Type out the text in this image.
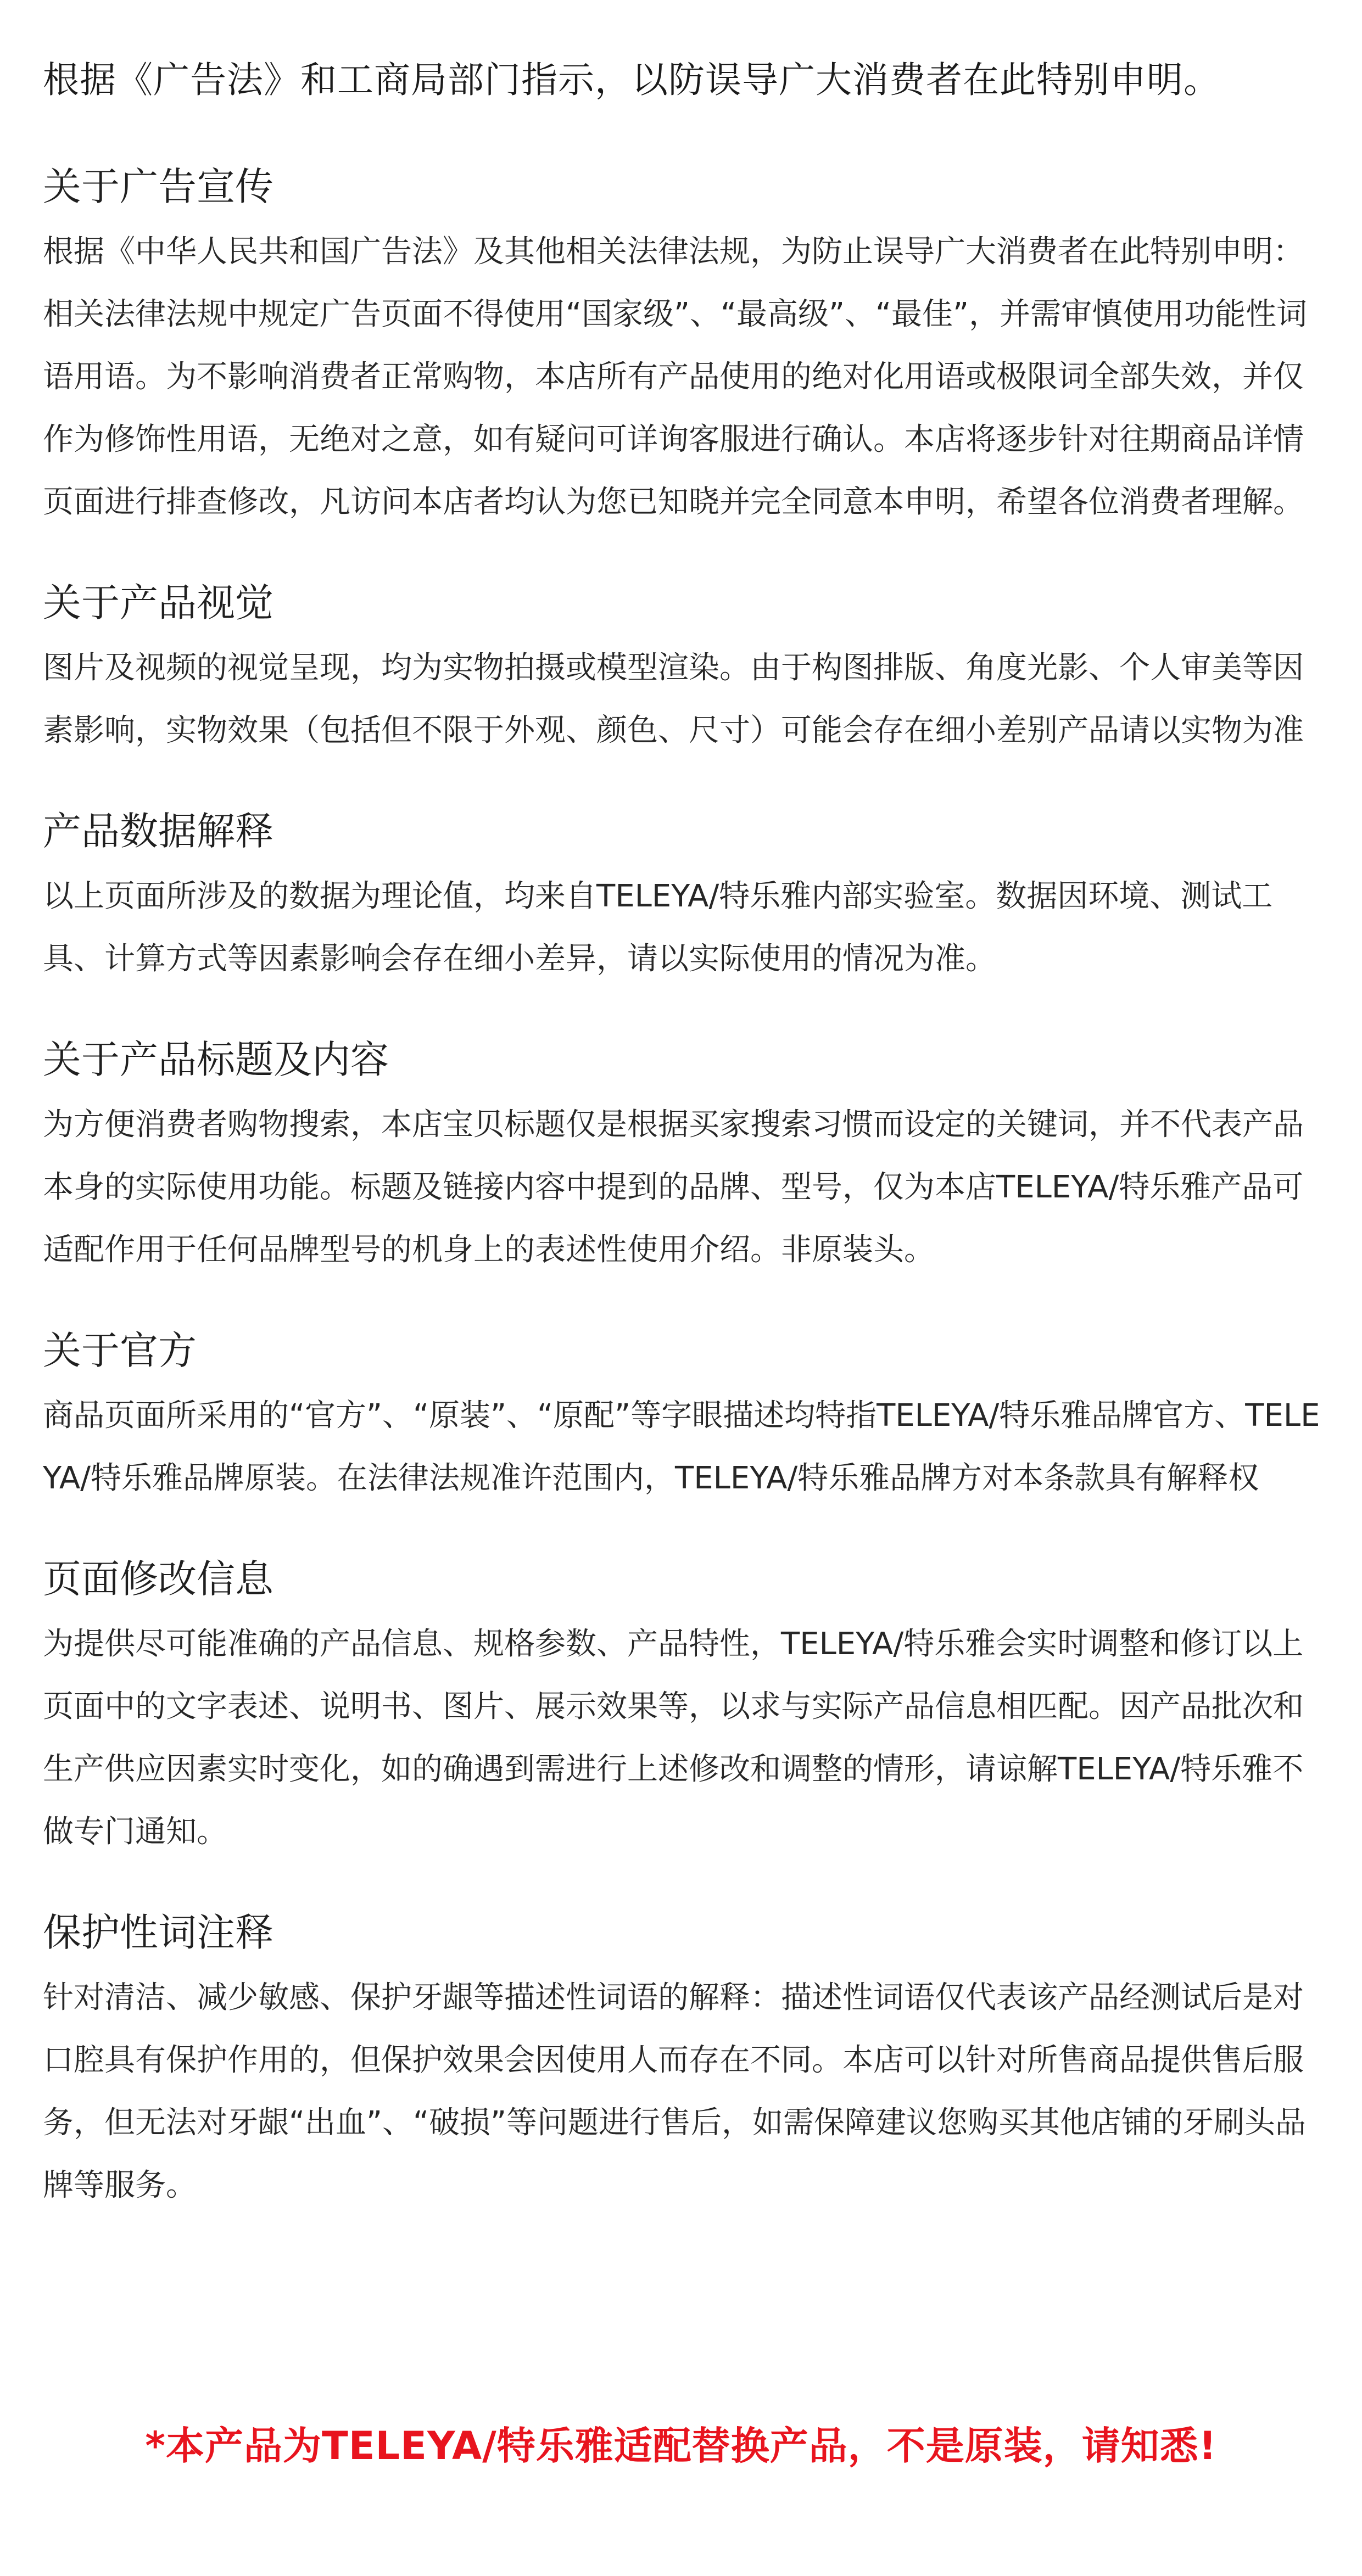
根据《广告法》和工商局部门指示，以防误导广大消费者在此特别申明。
关于广告宣传

根据《中华人民共和国广告法》及其他相关法律法规，为防止误导广大消费者在此特别申明：相关法律法规中规定广告页面不得使用“国家级”、“最高级”、“最佳”，并需审慎使用功能性词语用语。为不影响消费者正常购物，本店所有产品使用的绝对化用语或极限词全部失效，并仅作为修饰性用语，无绝对之意，如有疑问可详询客服进行确认。本店将逐步针对往期商品详情页面进行排查修改，凡访问本店者均认为您已知晓并完全同意本申明，希望各位消费者理解。

关于产品视觉

图片及视频的视觉呈现，均为实物拍摄或模型渲染。由于构图排版、角度光影、个人审美等因素影响，实物效果（包括但不限于外观、颜色、尺寸）可能会存在细小差别产品请以实物为准

产品数据解释

以上页面所涉及的数据为理论值，均来自TELEYA/特乐雅内部实验室。数据因环境、测试工具、计算方式等因素影响会存在细小差异，请以实际使用的情况为准。

关于产品标题及内容

为方便消费者购物搜索，本店宝贝标题仅是根据买家搜索习惯而设定的关键词，并不代表产品本身的实际使用功能。标题及链接内容中提到的品牌、型号，仅为本店TELEYA/特乐雅产品可适配作用于任何品牌型号的机身上的表述性使用介绍。非原装头。

关于官方

商品页面所采用的“官方”、“原装”、“原配”等字眼描述均特指TELEYA/特乐雅品牌官方、TELEYA/特乐雅品牌原装。在法律法规准许范围内，TELEYA/特乐雅品牌方对本条款具有解释权

页面修改信息

为提供尽可能准确的产品信息、规格参数、产品特性，TELEYA/特乐雅会实时调整和修订以上页面中的文字表述、说明书、图片、展示效果等，以求与实际产品信息相匹配。因产品批次和生产供应因素实时变化，如的确遇到需进行上述修改和调整的情形，请谅解TELEYA/特乐雅不做专门通知。

保护性词注释

针对清洁、减少敏感、保护牙龈等描述性词语的解释：描述性词语仅代表该产品经测试后是对口腔具有保护作用的，但保护效果会因使用人而存在不同。本店可以针对所售商品提供售后服务，但无法对牙龈“出血”、“破损”等问题进行售后，如需保障建议您购买其他店铺的牙刷头品牌等服务。

*本产品为TELEYA/特乐雅适配替换产品，不是原装，请知悉!
